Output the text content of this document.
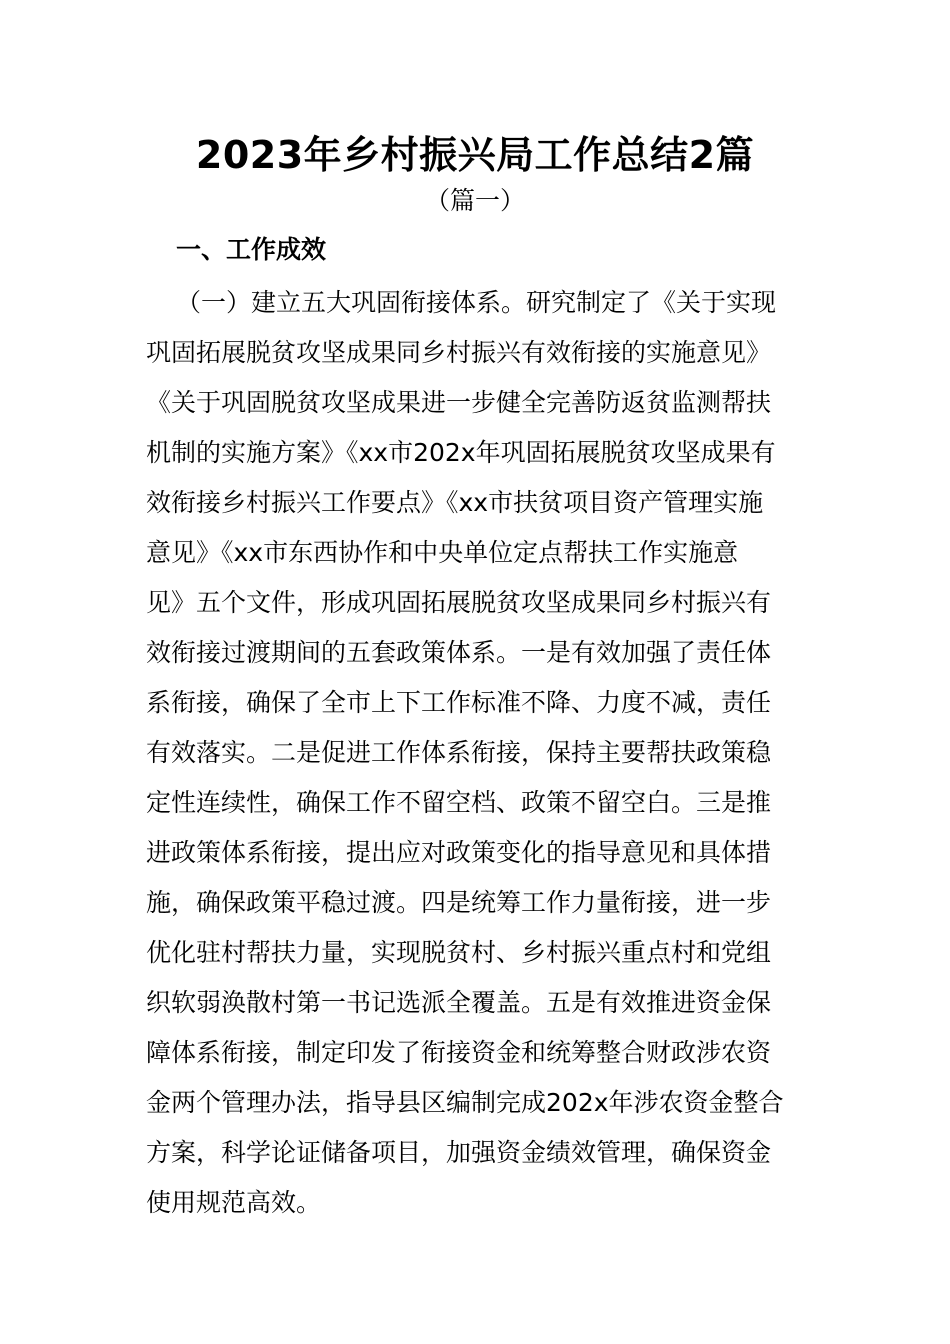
2023年乡村振兴局工作总结2篇
（篇一）
一、工作成效
（一）建立五大巩固衔接体系。研究制定了《关于实现
巩固拓展脱贫攻坚成果同乡村振兴有效衔接的实施意见》
《关于巩固脱贫攻坚成果进一步健全完善防返贫监测帮扶
机制的实施方案》《xx市202x年巩固拓展脱贫攻坚成果有
效衔接乡村振兴工作要点》《xx市扶贫项目资产管理实施
意见》《xx市东西协作和中央单位定点帮扶工作实施意
见》五个文件，形成巩固拓展脱贫攻坚成果同乡村振兴有
效衔接过渡期间的五套政策体系。一是有效加强了责任体
系衔接，确保了全市上下工作标准不降、力度不减，责任
有效落实。二是促进工作体系衔接，保持主要帮扶政策稳
定性连续性，确保工作不留空档、政策不留空白。三是推
进政策体系衔接，提出应对政策变化的指导意见和具体措
施，确保政策平稳过渡。四是统筹工作力量衔接，进一步
优化驻村帮扶力量，实现脱贫村、乡村振兴重点村和党组
织软弱涣散村第一书记选派全覆盖。五是有效推进资金保
障体系衔接，制定印发了衔接资金和统筹整合财政涉农资
金两个管理办法，指导县区编制完成202x年涉农资金整合
方案，科学论证储备项目，加强资金绩效管理，确保资金
使用规范高效。
